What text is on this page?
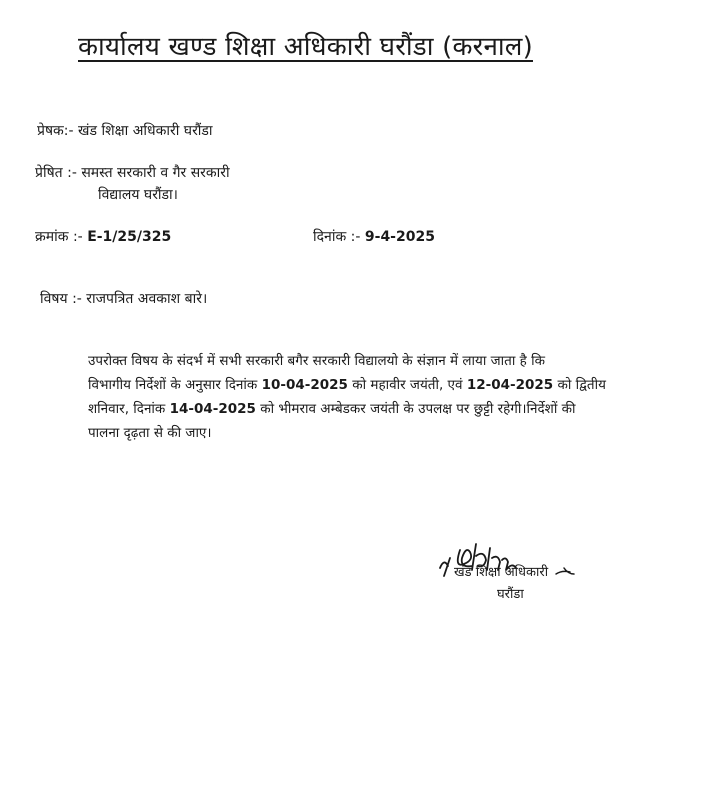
कार्यालय खण्ड शिक्षा अधिकारी घरौंडा (करनाल)
प्रेषक:- खंड शिक्षा अधिकारी घरौंडा
प्रेषित :- समस्त सरकारी व गैर सरकारी
विद्यालय घरौंडा।
क्रमांक :- E-1/25/325	दिनांक :- 9-4-2025
विषय :- राजपत्रित अवकाश बारे।
उपरोक्त विषय के संदर्भ में सभी सरकारी बगैर सरकारी विद्यालयो के संज्ञान में लाया जाता है कि
विभागीय निर्देशों के अनुसार दिनांक 10-04-2025 को महावीर जयंती, एवं 12-04-2025 को द्वितीय
शनिवार, दिनांक 14-04-2025 को भीमराव अम्बेडकर जयंती के उपलक्ष पर छुट्टी रहेगी।निर्देशों की
पालना दृढ़ता से की जाए।
खंड शिक्षा अधिकारी
घरौंडा
